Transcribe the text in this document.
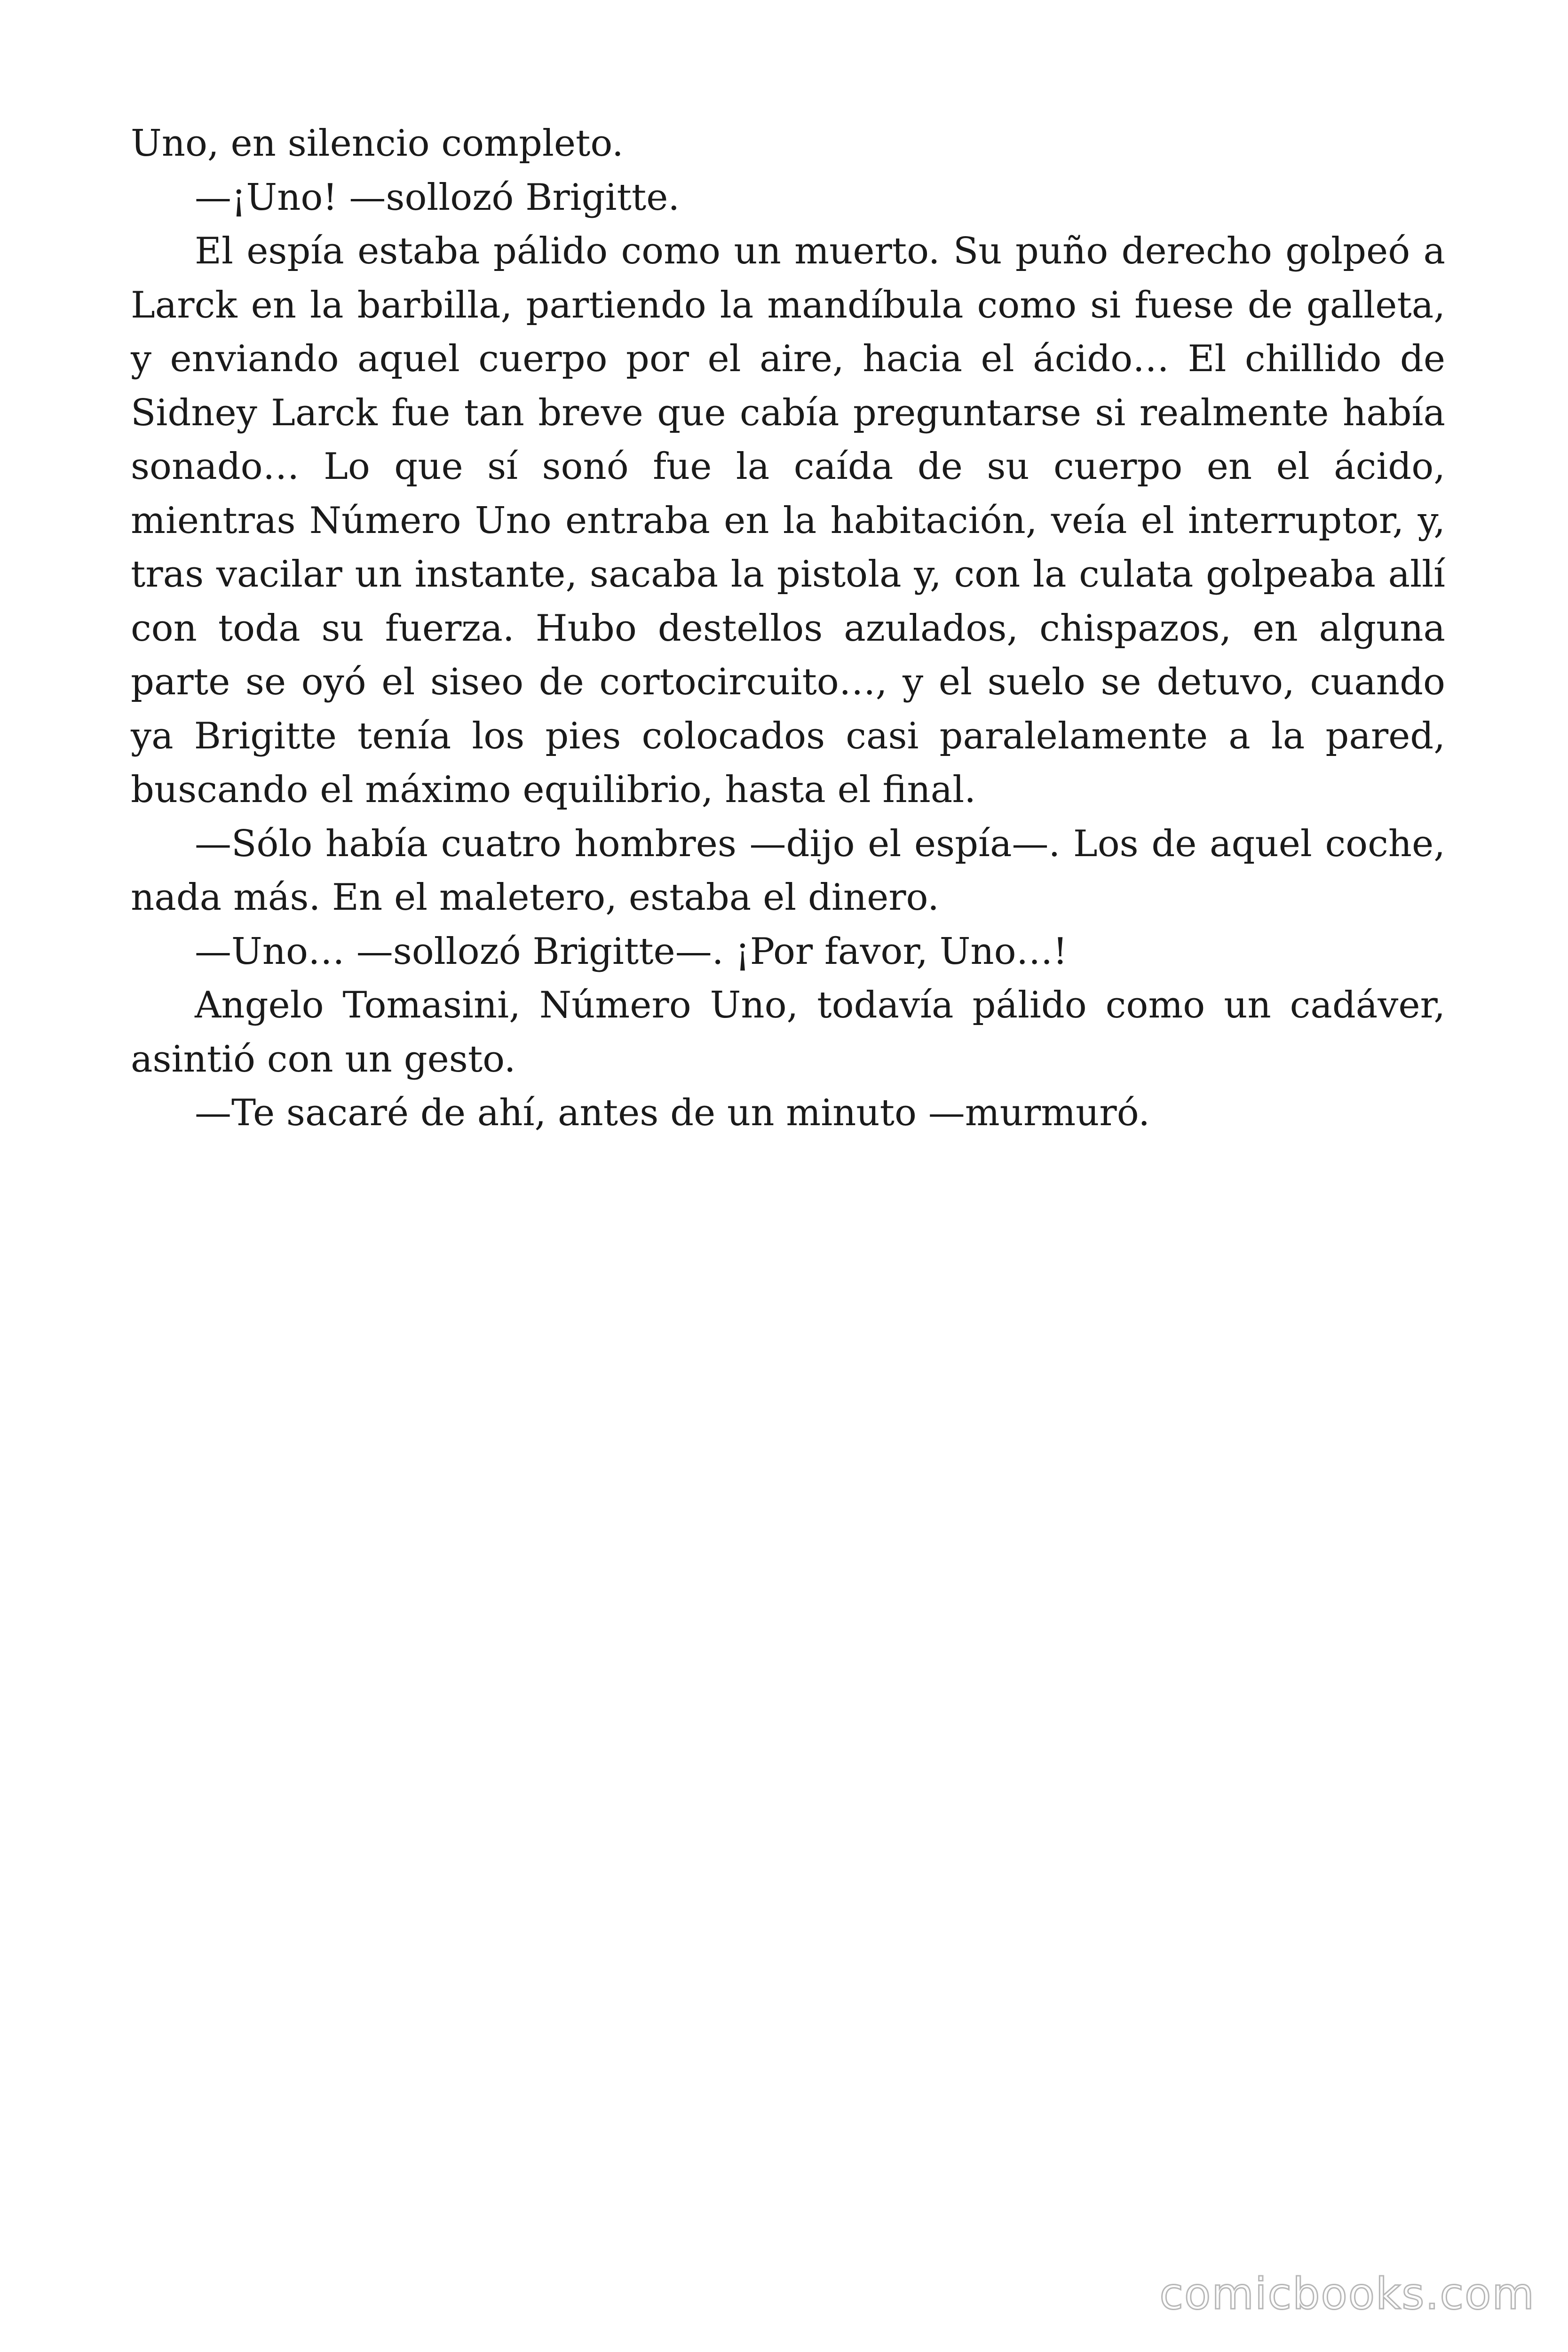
Uno, en silencio completo.

—¡Uno! —sollozó Brigitte.

El espía estaba pálido como un muerto. Su puño derecho golpeó a Larck en la barbilla, partiendo la mandíbula como si fuese de galleta, y enviando aquel cuerpo por el aire, hacia el ácido… El chillido de Sidney Larck fue tan breve que cabía preguntarse si realmente había sonado… Lo que sí sonó fue la caída de su cuerpo en el ácido, mientras Número Uno entraba en la habitación, veía el interruptor, y, tras vacilar un instante, sacaba la pistola y, con la culata golpeaba allí con toda su fuerza. Hubo destellos azulados, chispazos, en alguna parte se oyó el siseo de cortocircuito…, y el suelo se detuvo, cuando ya Brigitte tenía los pies colocados casi paralelamente a la pared, buscando el máximo equilibrio, hasta el final.

—Sólo había cuatro hombres —dijo el espía—. Los de aquel coche, nada más. En el maletero, estaba el dinero.

—Uno… —sollozó Brigitte—. ¡Por favor, Uno…!

Angelo Tomasini, Número Uno, todavía pálido como un cadáver, asintió con un gesto.

—Te sacaré de ahí, antes de un minuto —murmuró.

comicbooks.com
